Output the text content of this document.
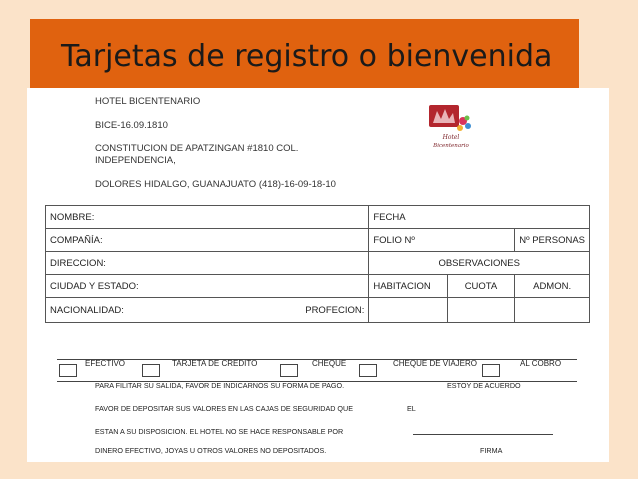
Tarjetas de registro o bienvenida
HOTEL BICENTENARIO
BICE-16.09.1810
CONSTITUCION DE APATZINGAN #1810 COL.
INDEPENDENCIA,
DOLORES HIDALGO, GUANAJUATO (418)-16-09-18-10
Hotel
Bicentenario
NOMBRE:	FECHA		
COMPAÑÍA:	FOLIO Nº		Nº PERSONAS
DIRECCION:	OBSERVACIONES		
CIUDAD Y ESTADO:	HABITACION	CUOTA	ADMON.
NACIONALIDAD: PROFECION:			

EFECTIVO	TARJETA DE CREDITO	CHEQUE	CHEQUE DE VIAJERO	AL COBRO
PARA FILITAR SU SALIDA, FAVOR DE INDICARNOS SU FORMA DE PAGO.	ESTOY DE ACUERDO
FAVOR DE DEPOSITAR SUS VALORES EN LAS CAJAS DE SEGURIDAD QUE	EL
ESTAN A SU DISPOSICION. EL HOTEL NO SE HACE RESPONSABLE POR
DINERO EFECTIVO, JOYAS U OTROS VALORES NO DEPOSITADOS.	FIRMA
